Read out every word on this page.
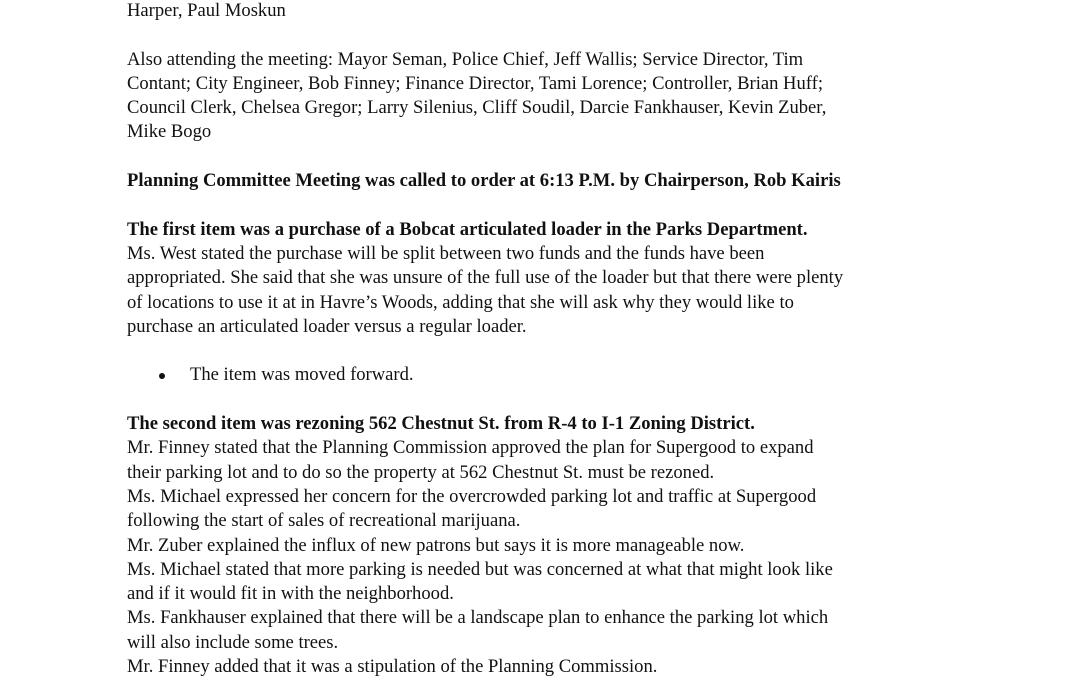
Harper, Paul Moskun
Also attending the meeting: Mayor Seman, Police Chief, Jeff Wallis; Service Director, Tim
Contant; City Engineer, Bob Finney; Finance Director, Tami Lorence; Controller, Brian Huff;
Council Clerk, Chelsea Gregor; Larry Silenius, Cliff Soudil, Darcie Fankhauser, Kevin Zuber,
Mike Bogo
Planning Committee Meeting was called to order at 6:13 P.M. by Chairperson, Rob Kairis
The first item was a purchase of a Bobcat articulated loader in the Parks Department.
Ms. West stated the purchase will be split between two funds and the funds have been
appropriated. She said that she was unsure of the full use of the loader but that there were plenty
of locations to use it at in Havre’s Woods, adding that she will ask why they would like to
purchase an articulated loader versus a regular loader.
The item was moved forward.
The second item was rezoning 562 Chestnut St. from R-4 to I-1 Zoning District.
Mr. Finney stated that the Planning Commission approved the plan for Supergood to expand
their parking lot and to do so the property at 562 Chestnut St. must be rezoned.
Ms. Michael expressed her concern for the overcrowded parking lot and traffic at Supergood
following the start of sales of recreational marijuana.
Mr. Zuber explained the influx of new patrons but says it is more manageable now.
Ms. Michael stated that more parking is needed but was concerned at what that might look like
and if it would fit in with the neighborhood.
Ms. Fankhauser explained that there will be a landscape plan to enhance the parking lot which
will also include some trees.
Mr. Finney added that it was a stipulation of the Planning Commission.
